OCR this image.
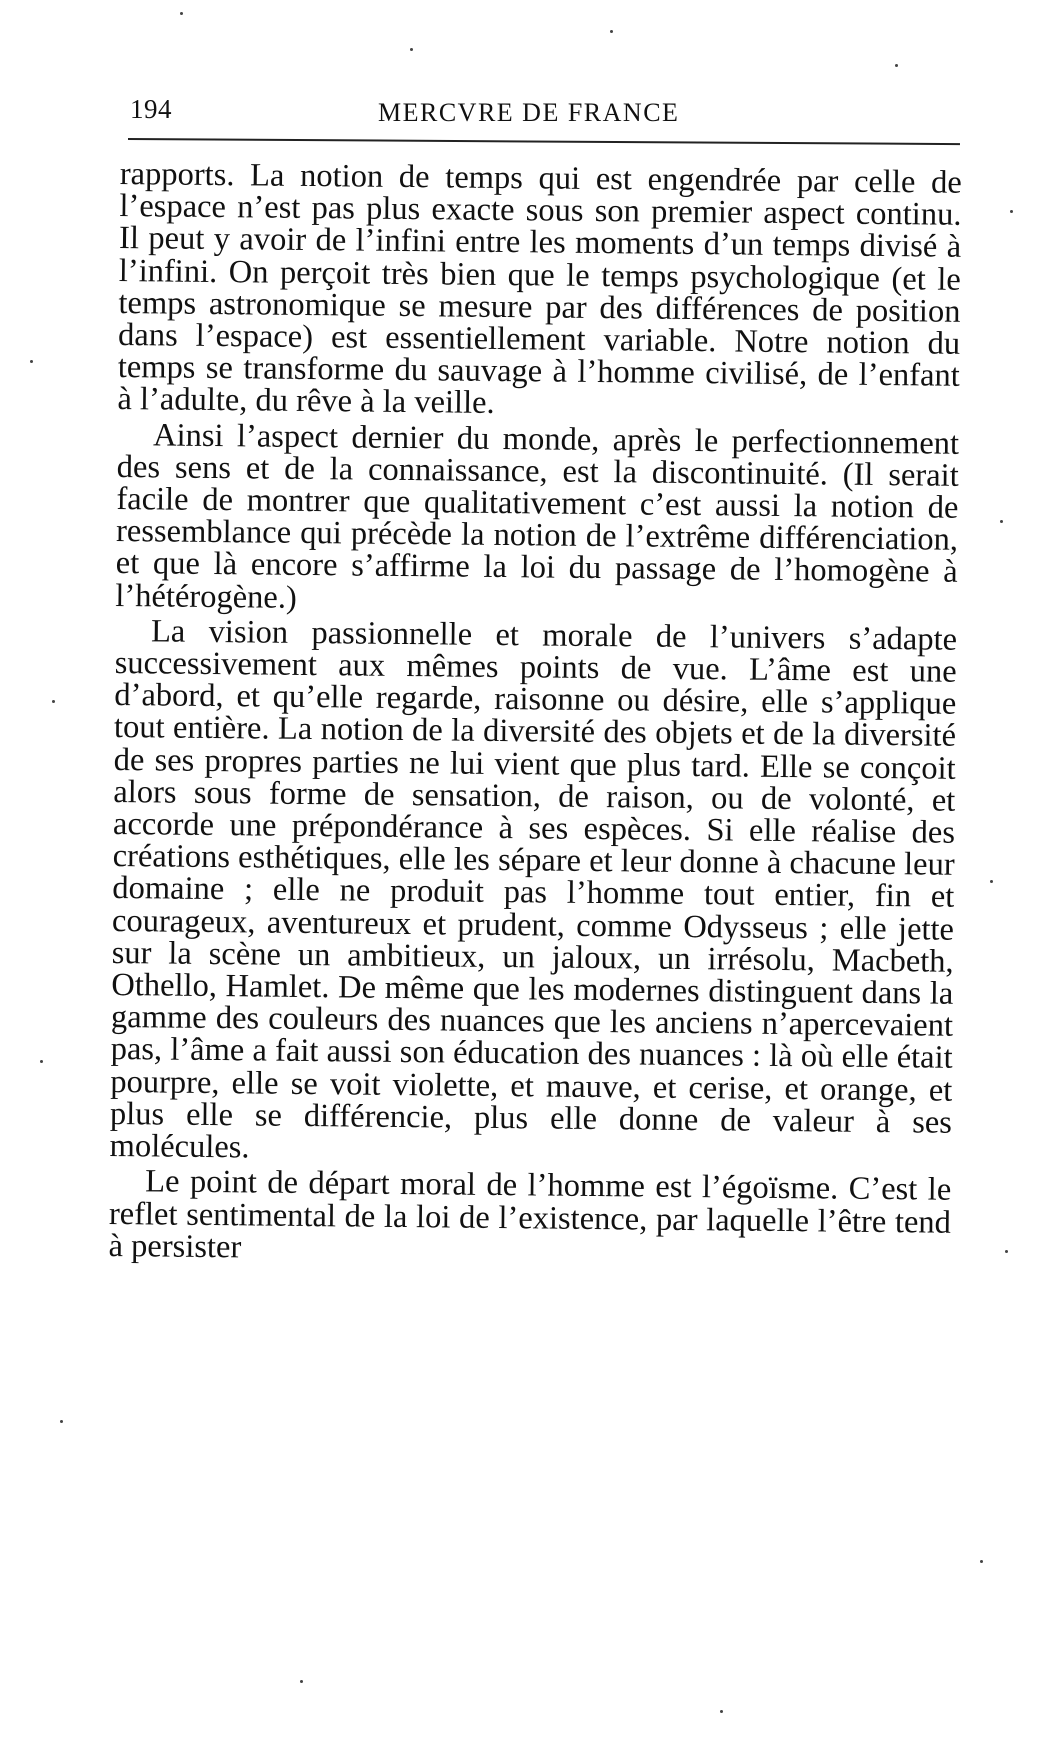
194	MERCVRE DE FRANCE

rapports. La notion de temps qui est engendrée par celle de l’espace n’est pas plus exacte sous son premier aspect continu. Il peut y avoir de l’infini entre les moments d’un temps divisé à l’infini. On perçoit très bien que le temps psychologique (et le temps astronomique se mesure par des différences de position dans l’espace) est essentiellement variable. Notre notion du temps se transforme du sauvage à l’homme civilisé, de l’enfant à l’adulte, du rêve à la veille.

Ainsi l’aspect dernier du monde, après le perfectionnement des sens et de la connaissance, est la discontinuité. (Il serait facile de montrer que qualitativement c’est aussi la notion de ressemblance qui précède la notion de l’extrême différenciation, et que là encore s’affirme la loi du passage de l’homogène à l’hétérogène.)

La vision passionnelle et morale de l’univers s’adapte successivement aux mêmes points de vue. L’âme est une d’abord, et qu’elle regarde, raisonne ou désire, elle s’applique tout entière. La notion de la diversité des objets et de la diversité de ses propres parties ne lui vient que plus tard. Elle se conçoit alors sous forme de sensation, de raison, ou de volonté, et accorde une prépondérance à ses espèces. Si elle réalise des créations esthétiques, elle les sépare et leur donne à chacune leur domaine ; elle ne produit pas l’homme tout entier, fin et courageux, aventureux et prudent, comme Odysseus ; elle jette sur la scène un ambitieux, un jaloux, un irrésolu, Macbeth, Othello, Hamlet. De même que les modernes distinguent dans la gamme des couleurs des nuances que les anciens n’apercevaient pas, l’âme a fait aussi son éducation des nuances : là où elle était pourpre, elle se voit violette, et mauve, et cerise, et orange, et plus elle se différencie, plus elle donne de valeur à ses molécules.

Le point de départ moral de l’homme est l’égoïsme. C’est le reflet sentimental de la loi de l’existence, par laquelle l’être tend à persister
